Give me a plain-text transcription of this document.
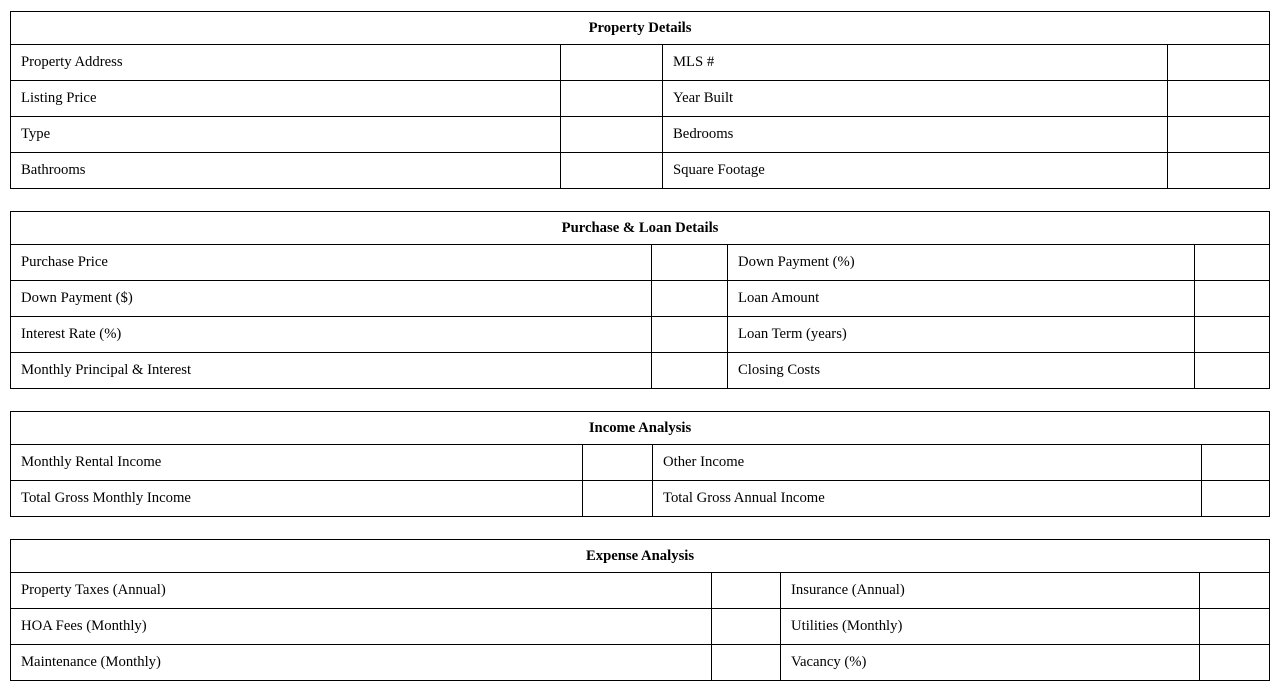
Property Details			
Property Address		MLS #	
Listing Price		Year Built	
Type		Bedrooms	
Bathrooms		Square Footage	
Purchase & Loan Details			
Purchase Price		Down Payment (%)	
Down Payment ($)		Loan Amount	
Interest Rate (%)		Loan Term (years)	
Monthly Principal & Interest		Closing Costs	
Income Analysis			
Monthly Rental Income		Other Income	
Total Gross Monthly Income		Total Gross Annual Income	
Expense Analysis			
Property Taxes (Annual)		Insurance (Annual)	
HOA Fees (Monthly)		Utilities (Monthly)	
Maintenance (Monthly)		Vacancy (%)	
